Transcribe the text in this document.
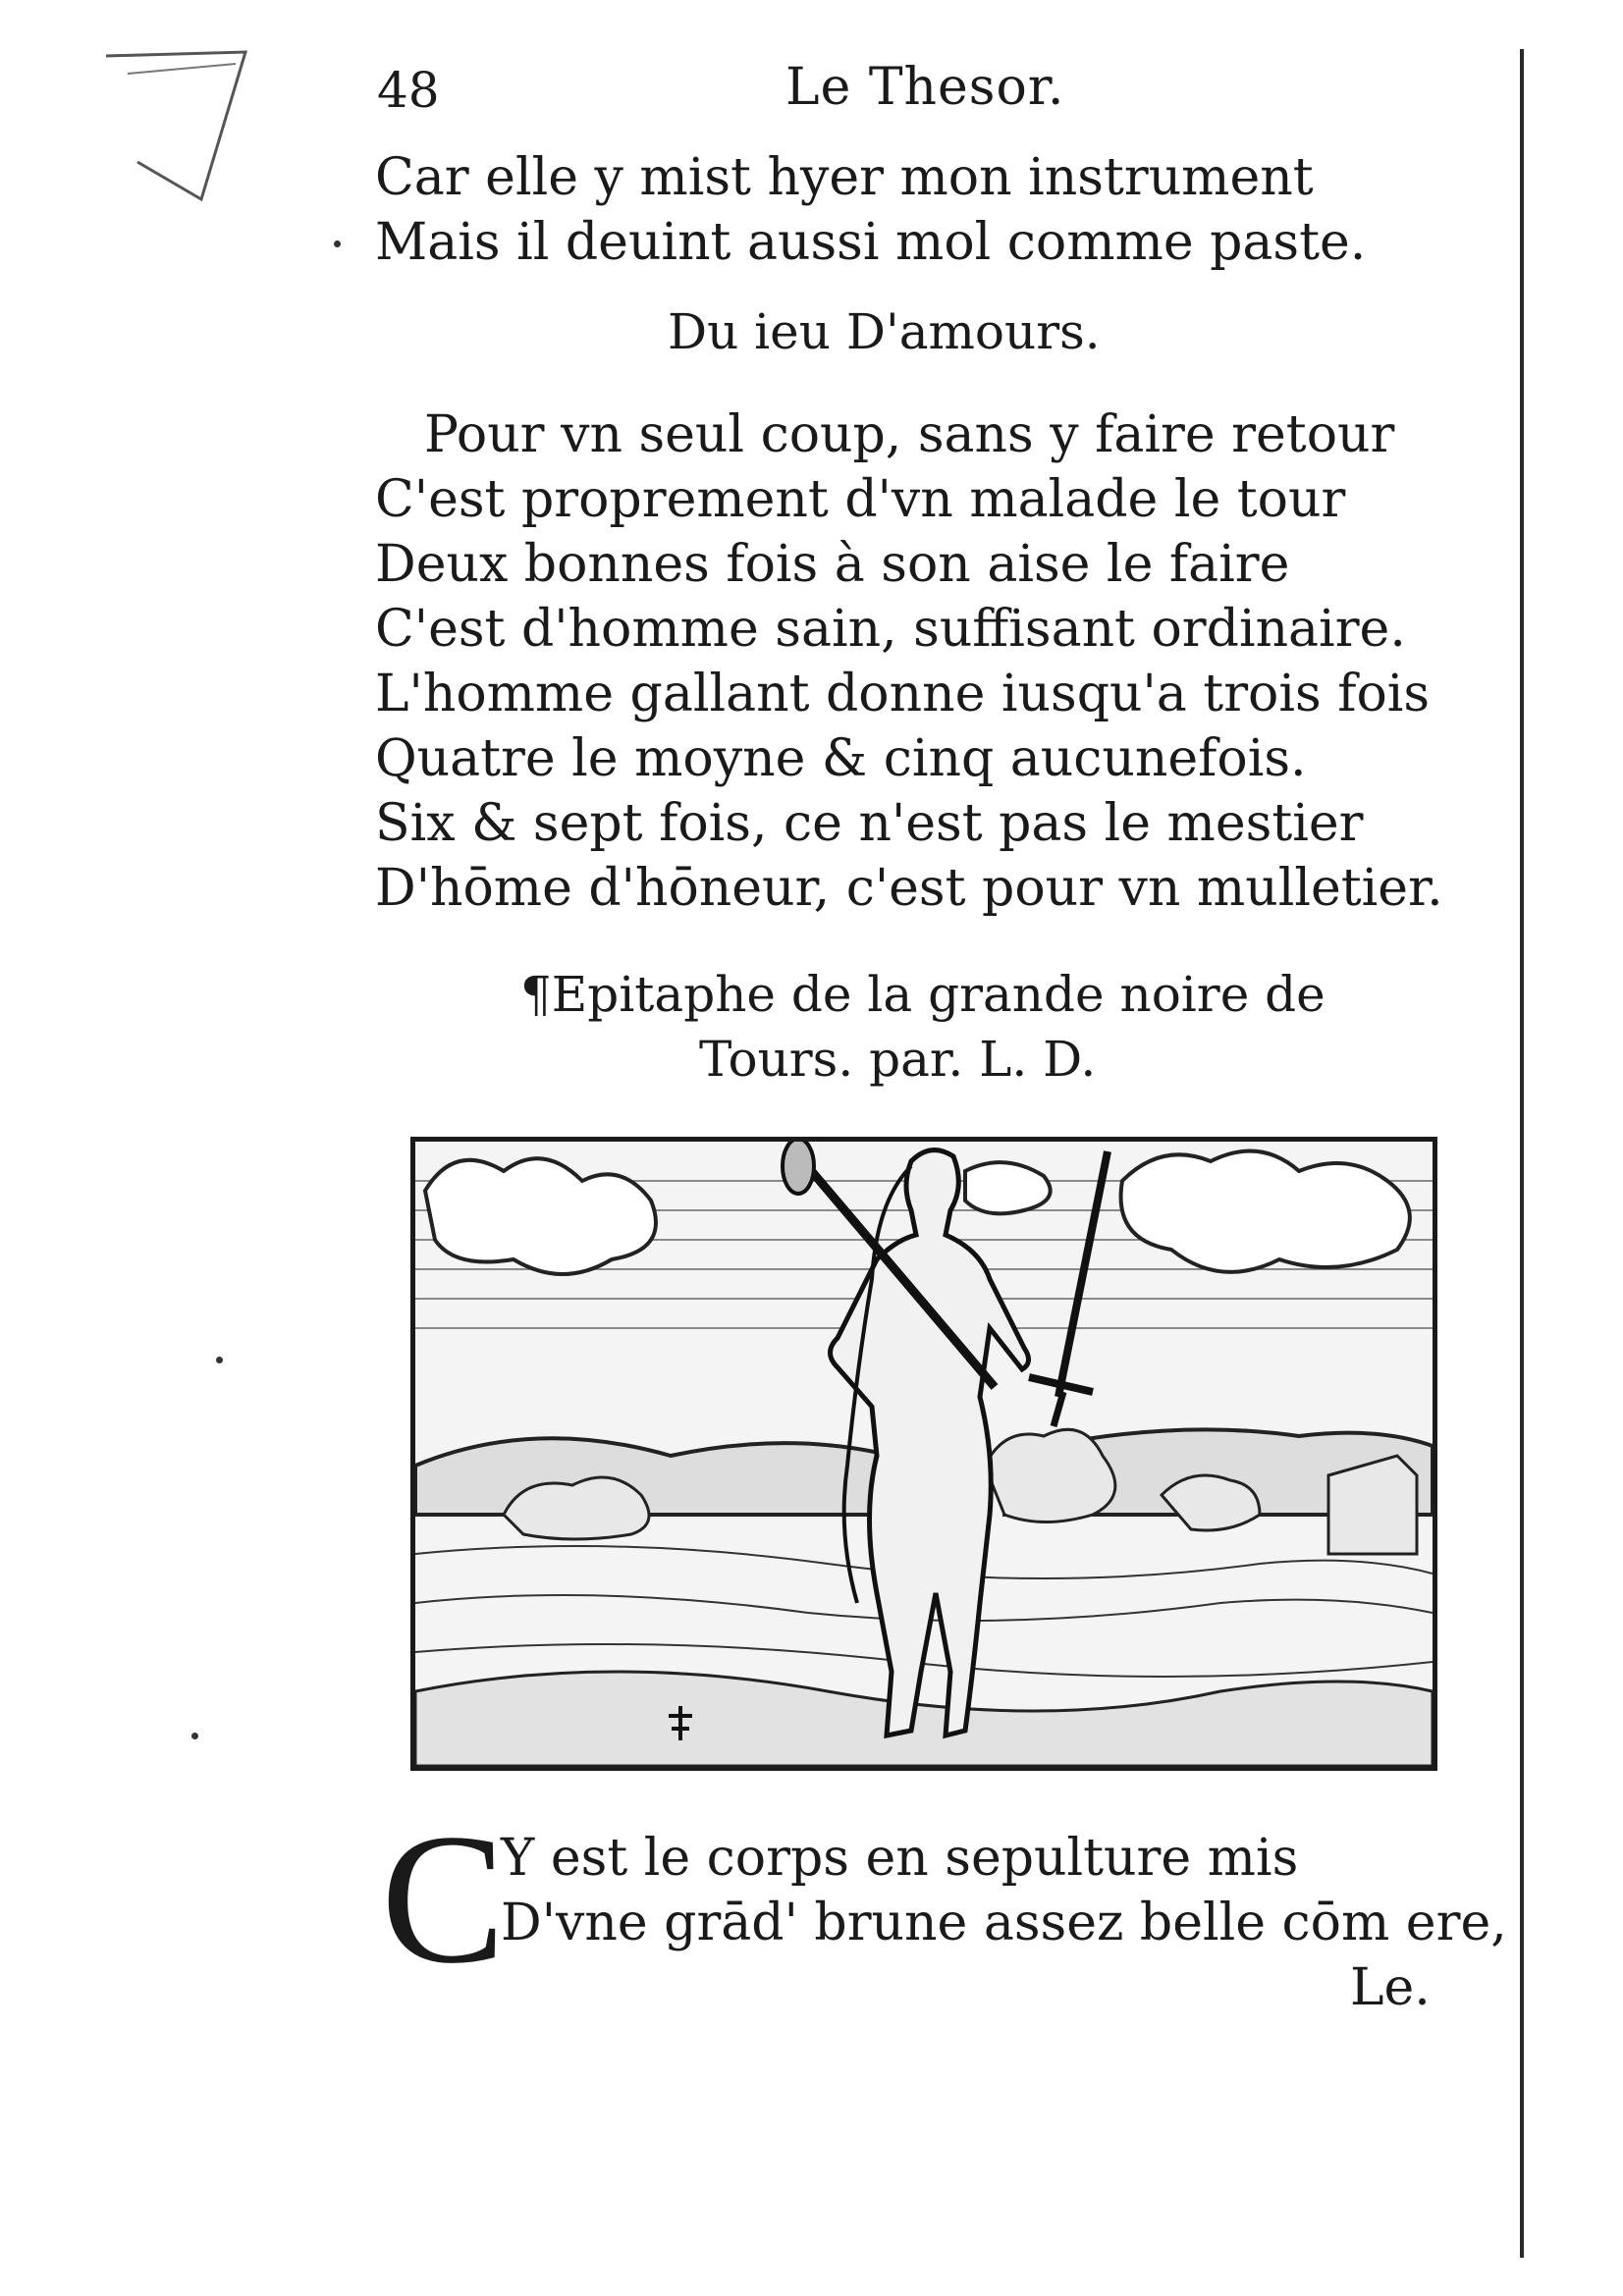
48	Le Thesor.
Car elle y mist hyer mon instrument
Mais il deuint aussi mol comme paste.
Du ieu D'amours.
Pour vn seul coup, sans y faire retour
C'est proprement d'vn malade le tour
Deux bonnes fois à son aise le faire
C'est d'homme sain, suffisant ordinaire.
L'homme gallant donne iusqu'a trois fois
Quatre le moyne & cinq aucunefois.
Six & sept fois, ce n'est pas le mestier
D'hōme d'hōneur, c'est pour vn mulletier.
¶Epitaphe de la grande noire de
Tours. par. L. D.
C
Y est le corps en sepulture mis
D'vne grād' brune assez belle cōm ere,
Le.
